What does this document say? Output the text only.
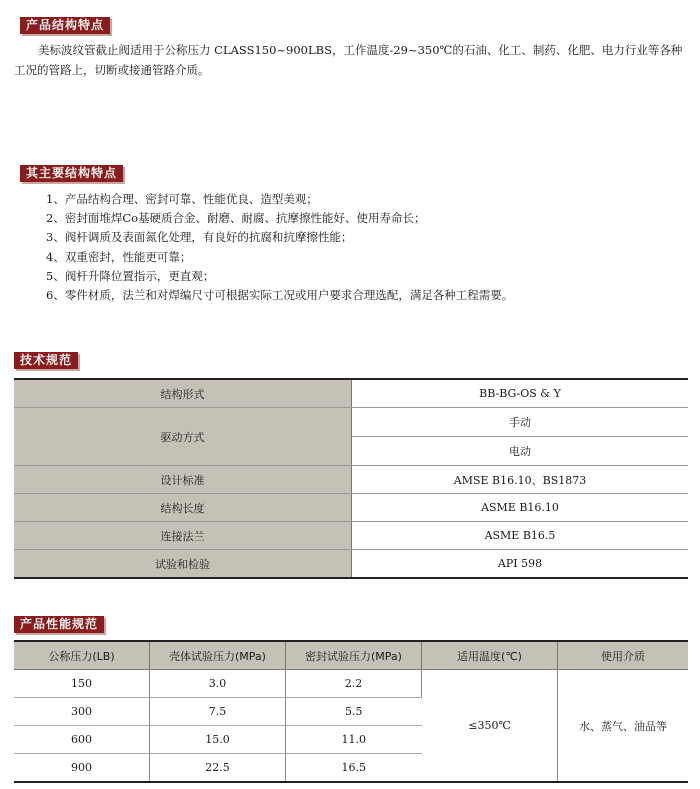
产品结构特点
美标波纹管截止阀适用于公称压力 CLASS150~900LBS，工作温度-29~350℃的石油、化工、制药、化肥、电力行业等各种工况的管路上，切断或接通管路介质。
其主要结构特点
1、产品结构合理、密封可靠、性能优良、造型美观；
2、密封面堆焊Co基硬质合金、耐磨、耐腐、抗摩擦性能好、使用寿命长；
3、阀杆调质及表面氮化处理，有良好的抗腐和抗摩擦性能；
4、双重密封，性能更可靠；
5、阀杆升降位置指示，更直观；
6、零件材质，法兰和对焊编尺寸可根据实际工况或用户要求合理选配，满足各种工程需要。
技术规范
结构形式	BB-BG-OS & Y
驱动方式	手动
	电动
设计标准	AMSE B16.10、BS1873
结构长度	ASME B16.10
连接法兰	ASME B16.5
试验和检验	API 598
产品性能规范
公称压力(LB)	壳体试验压力(MPa)	密封试验压力(MPa)	适用温度(℃)	使用介质
150	3.0	2.2	≤350℃	水、蒸气、油品等
300	7.5	5.5		
600	15.0	11.0		
900	22.5	16.5		
